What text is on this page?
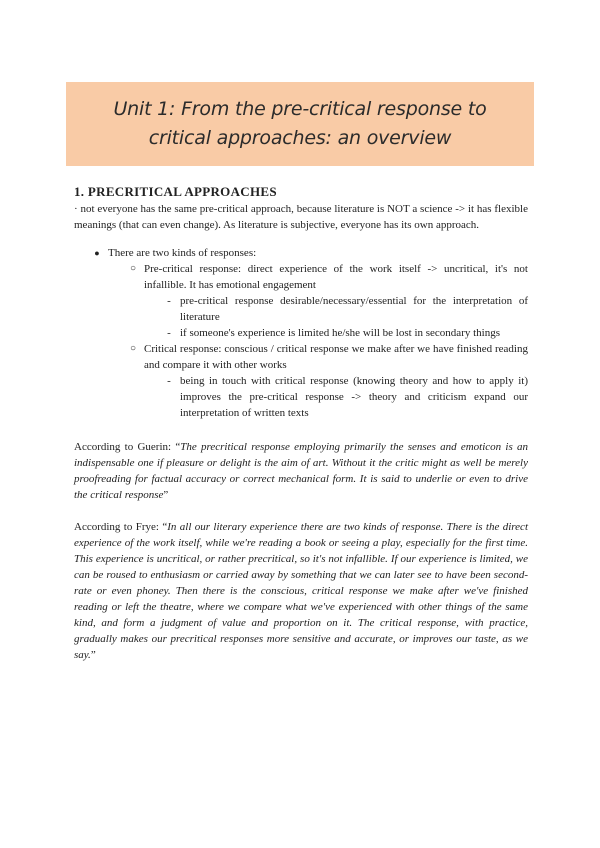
Unit 1: From the pre-critical response to critical approaches: an overview
1. PRECRITICAL APPROACHES

· not everyone has the same pre-critical approach, because literature is NOT a science -> it has flexible meanings (that can even change). As literature is subjective, everyone has its own approach.

● There are two kinds of responses:
○ Pre-critical response: direct experience of the work itself -> uncritical, it's not infallible. It has emotional engagement
- pre-critical response desirable/necessary/essential for the interpretation of literature
- if someone's experience is limited he/she will be lost in secondary things
○ Critical response: conscious / critical response we make after we have finished reading and compare it with other works
- being in touch with critical response (knowing theory and how to apply it) improves the pre-critical response -> theory and criticism expand our interpretation of written texts

According to Guerin: “The precritical response employing primarily the senses and emoticon is an indispensable one if pleasure or delight is the aim of art. Without it the critic might as well be merely proofreading for factual accuracy or correct mechanical form. It is said to underlie or even to drive the critical response”

According to Frye: “In all our literary experience there are two kinds of response. There is the direct experience of the work itself, while we're reading a book or seeing a play, especially for the first time. This experience is uncritical, or rather precritical, so it's not infallible. If our experience is limited, we can be roused to enthusiasm or carried away by something that we can later see to have been second-rate or even phoney. Then there is the conscious, critical response we make after we've finished reading or left the theatre, where we compare what we've experienced with other things of the same kind, and form a judgment of value and proportion on it. The critical response, with practice, gradually makes our precritical responses more sensitive and accurate, or improves our taste, as we say.”
